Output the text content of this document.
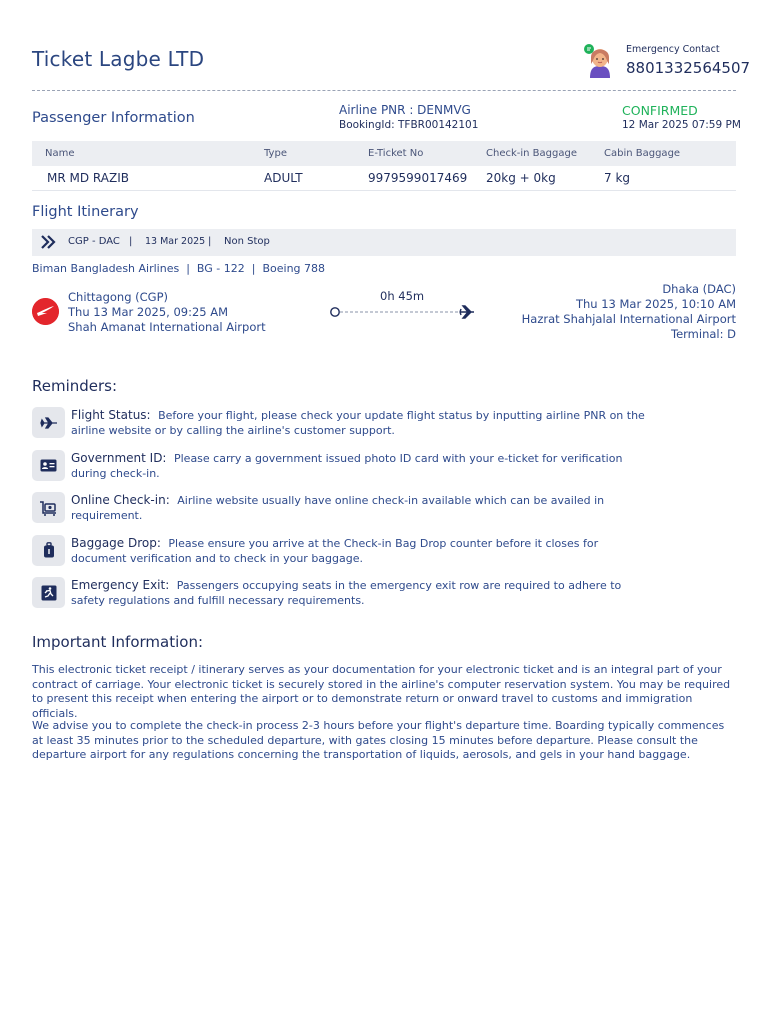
Ticket Lagbe LTD	Emergency Contact
8801332564507
Passenger Information	Airline PNR : DENMVG
BookingId: TFBR00142101
CONFIRMED
12 Mar 2025 07:59 PM
Name	Type	E-Ticket No	Check-in Baggage	Cabin Baggage
MR MD RAZIB	ADULT	9979599017469 20kg + 0kg	7 kg
Flight Itinerary
CGP - DAC | 13 Mar 2025 | Non Stop
Biman Bangladesh Airlines | BG - 122 | Boeing 788
Chittagong (CGP)
Thu 13 Mar 2025, 09:25 AM
Shah Amanat International Airport
0h 45m	Dhaka (DAC)
Thu 13 Mar 2025, 10:10 AM
Hazrat Shahjalal International Airport
Terminal: D
Reminders:
Flight Status: Before your flight, please check your update flight status by inputting airline PNR on the airline website or by calling the airline's customer support.
Government ID: Please carry a government issued photo ID card with your e-ticket for verification during check-in.
Online Check-in: Airline website usually have online check-in available which can be availed in requirement.
Baggage Drop: Please ensure you arrive at the Check-in Bag Drop counter before it closes for document verification and to check in your baggage.
Emergency Exit: Passengers occupying seats in the emergency exit row are required to adhere to safety regulations and fulfill necessary requirements.
Important Information:
This electronic ticket receipt / itinerary serves as your documentation for your electronic ticket and is an integral part of your contract of carriage. Your electronic ticket is securely stored in the airline's computer reservation system. You may be required to present this receipt when entering the airport or to demonstrate return or onward travel to customs and immigration officials.
We advise you to complete the check-in process 2-3 hours before your flight's departure time. Boarding typically commences at least 35 minutes prior to the scheduled departure, with gates closing 15 minutes before departure. Please consult the departure airport for any regulations concerning the transportation of liquids, aerosols, and gels in your hand baggage.
